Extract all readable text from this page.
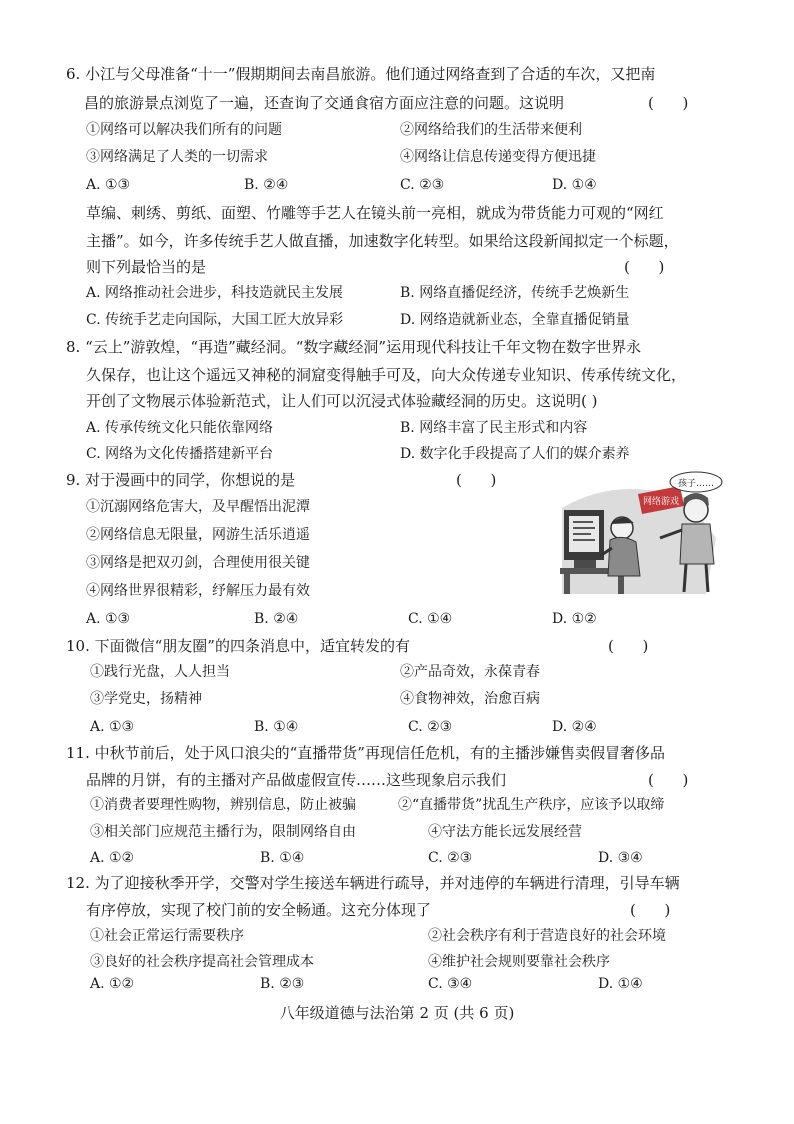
6. 小江与父母准备“十一”假期期间去南昌旅游。他们通过网络查到了合适的车次，又把南
昌的旅游景点浏览了一遍，还查询了交通食宿方面应注意的问题。这说明	(      )
①网络可以解决我们所有的问题	②网络给我们的生活带来便利
③网络满足了人类的一切需求	④网络让信息传递变得方便迅捷
A. ①③	B. ②④	C. ②③	D. ①④
草编、刺绣、剪纸、面塑、竹雕等手艺人在镜头前一亮相，就成为带货能力可观的“网红
主播”。如今，许多传统手艺人做直播，加速数字化转型。如果给这段新闻拟定一个标题，
则下列最恰当的是	(      )
A. 网络推动社会进步，科技造就民主发展	B. 网络直播促经济，传统手艺焕新生
C. 传统手艺走向国际，大国工匠大放异彩	D. 网络造就新业态，全靠直播促销量
8. “云上”游敦煌，“再造”藏经洞。“数字藏经洞”运用现代科技让千年文物在数字世界永
久保存，也让这个遥远又神秘的洞窟变得触手可及，向大众传递专业知识、传承传统文化，
开创了文物展示体验新范式，让人们可以沉浸式体验藏经洞的历史。这说明( )
A. 传承传统文化只能依靠网络	B. 网络丰富了民主形式和内容
C. 网络为文化传播搭建新平台	D. 数字化手段提高了人们的媒介素养
9. 对于漫画中的同学，你想说的是	(      )
①沉溺网络危害大，及早醒悟出泥潭
②网络信息无限量，网游生活乐逍遥
③网络是把双刃剑，合理使用很关键
④网络世界很精彩，纾解压力最有效
A. ①③	B. ②④	C. ①④	D. ①②
网络游戏
孩子……
10. 下面微信“朋友圈”的四条消息中，适宜转发的有	(      )
①践行光盘，人人担当	②产品奇效，永葆青春
③学党史，扬精神	④食物神效，治愈百病
A. ①③	B. ①④	C. ②③	D. ②④
11. 中秋节前后，处于风口浪尖的“直播带货”再现信任危机，有的主播涉嫌售卖假冒奢侈品
品牌的月饼，有的主播对产品做虚假宣传……这些现象启示我们	(      )
①消费者要理性购物，辨别信息，防止被骗	②“直播带货”扰乱生产秩序，应该予以取缔
③相关部门应规范主播行为，限制网络自由	④守法方能长远发展经营
A. ①②	B. ①④	C. ②③	D. ③④
12. 为了迎接秋季开学，交警对学生接送车辆进行疏导，并对违停的车辆进行清理，引导车辆
有序停放，实现了校门前的安全畅通。这充分体现了	(      )
①社会正常运行需要秩序	②社会秩序有利于营造良好的社会环境
③良好的社会秩序提高社会管理成本	④维护社会规则要靠社会秩序
A. ①②	B. ②③	C. ③④	D. ①④
八年级道德与法治第 2 页 (共 6 页)
